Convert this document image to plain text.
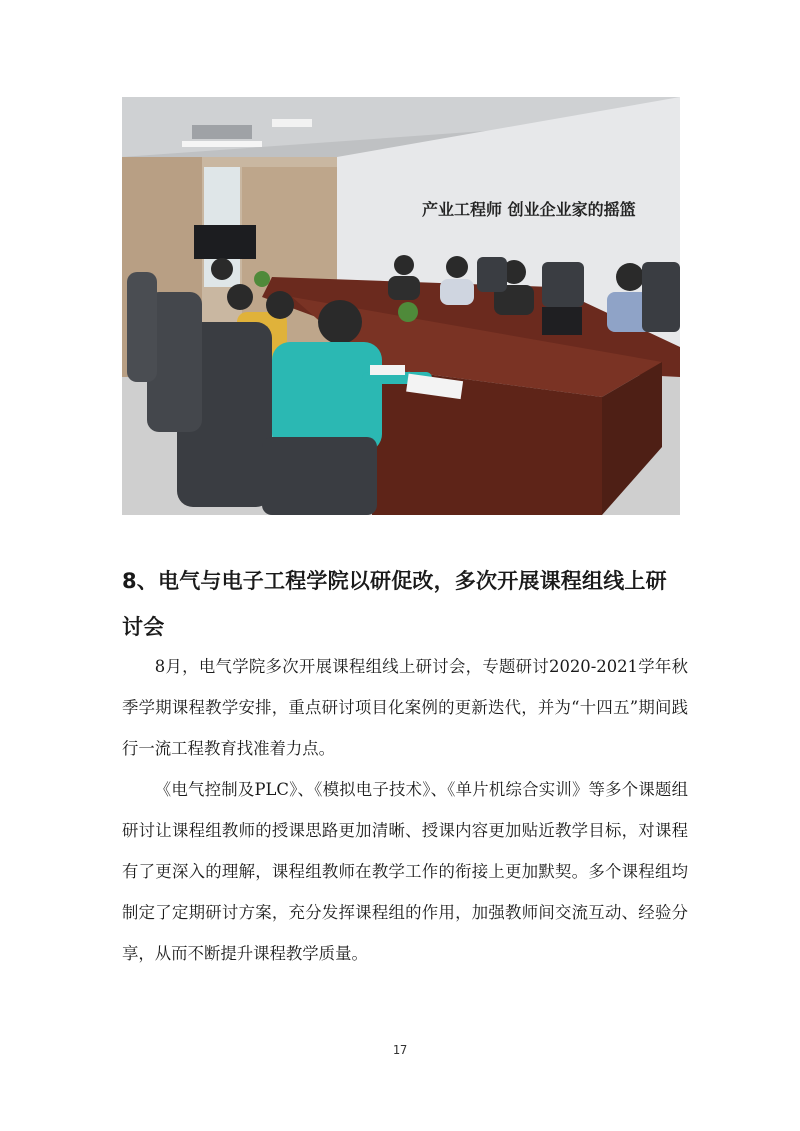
产业工程师 创业企业家的摇篮
8、电气与电子工程学院以研促改，多次开展课程组线上研讨会

8月，电气学院多次开展课程组线上研讨会，专题研讨2020-2021学年秋季学期课程教学安排，重点研讨项目化案例的更新迭代，并为“十四五”期间践行一流工程教育找准着力点。

《电气控制及PLC》、《模拟电子技术》、《单片机综合实训》等多个课题组研讨让课程组教师的授课思路更加清晰、授课内容更加贴近教学目标，对课程有了更深入的理解，课程组教师在教学工作的衔接上更加默契。多个课程组均制定了定期研讨方案，充分发挥课程组的作用，加强教师间交流互动、经验分享，从而不断提升课程教学质量。

17
